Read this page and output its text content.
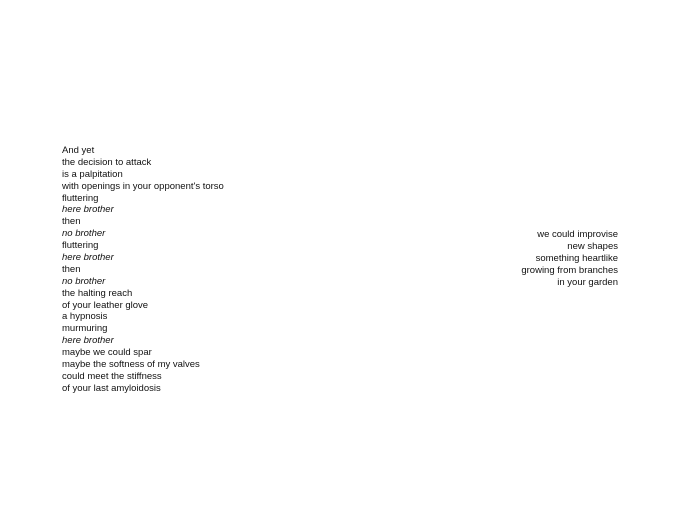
And yet
the decision to attack
is a palpitation
with openings in your opponent's torso
fluttering
here brother
then
no brother
fluttering
here brother
then
no brother
the halting reach
of your leather glove
a hypnosis
murmuring
here brother
maybe we could spar
maybe the softness of my valves
could meet the stiffness
of your last amyloidosis
we could improvise
new shapes
something heartlike
growing from branches
in your garden
